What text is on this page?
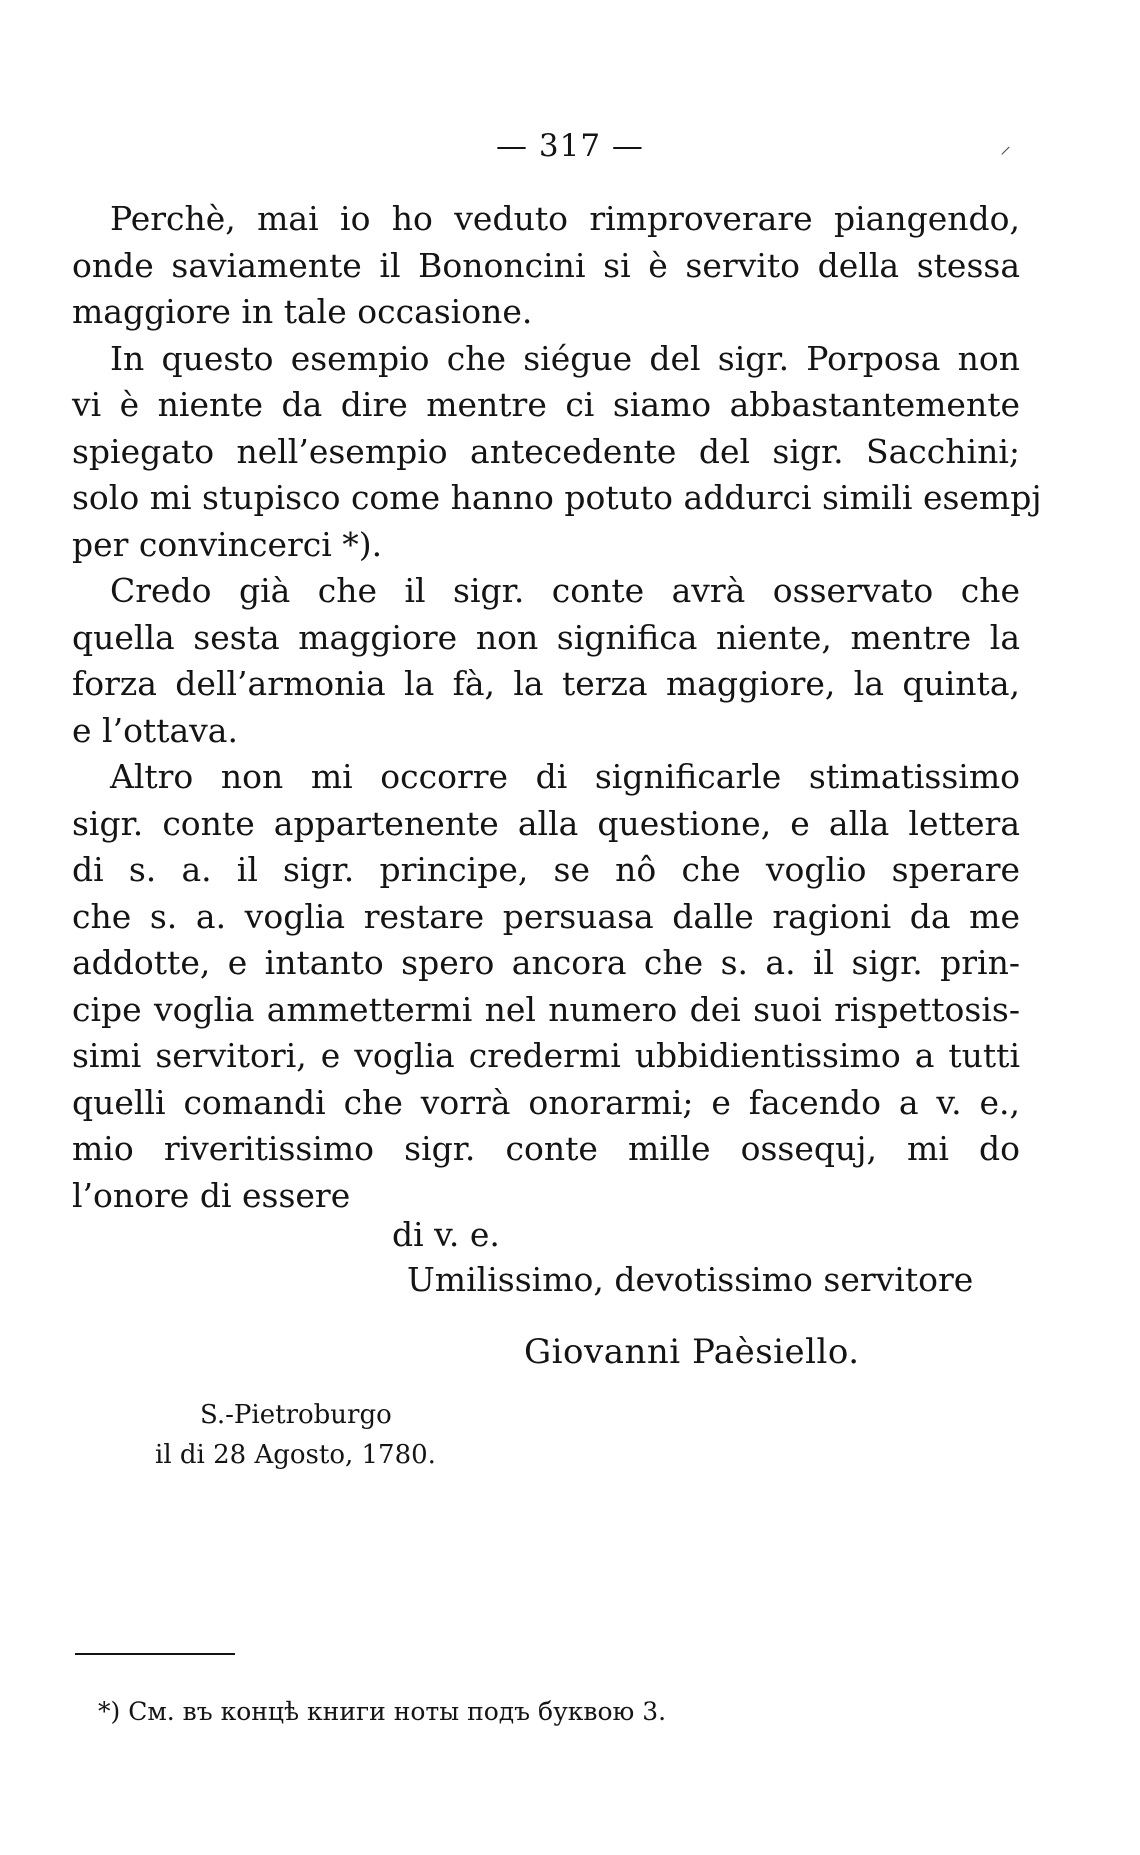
— 317 —	⸝
Perchè, mai io ho veduto rimproverare piangendo,
onde saviamente il Bononcini si è servito della stessa
maggiore in tale occasione.
In questo esempio che siégue del sigr. Porposa non
vi è niente da dire mentre ci siamo abbastantemente
spiegato nell’esempio antecedente del sigr. Sacchini;
solo mi stupisco come hanno potuto addurci simili esempj
per convincerci *).
Credo già che il sigr. conte avrà osservato che
quella sesta maggiore non significa niente, mentre la
forza dell’armonia la fà, la terza maggiore, la quinta,
e l’ottava.
Altro non mi occorre di significarle stimatissimo
sigr. conte appartenente alla questione, e alla lettera
di s. a. il sigr. principe, se nô che voglio sperare
che s. a. voglia restare persuasa dalle ragioni da me
addotte, e intanto spero ancora che s. a. il sigr. prin-
cipe voglia ammettermi nel numero dei suoi rispettosis-
simi servitori, e voglia credermi ubbidientissimo a tutti
quelli comandi che vorrà onorarmi; e facendo a v. e.,
mio riveritissimo sigr. conte mille ossequj, mi do
l’onore di essere
di v. e.
Umilissimo, devotissimo servitore
Giovanni Paèsiello.
S.-Pietroburgo
il di 28 Agosto, 1780.
*) См. въ концѣ книги ноты подъ буквою 3.
